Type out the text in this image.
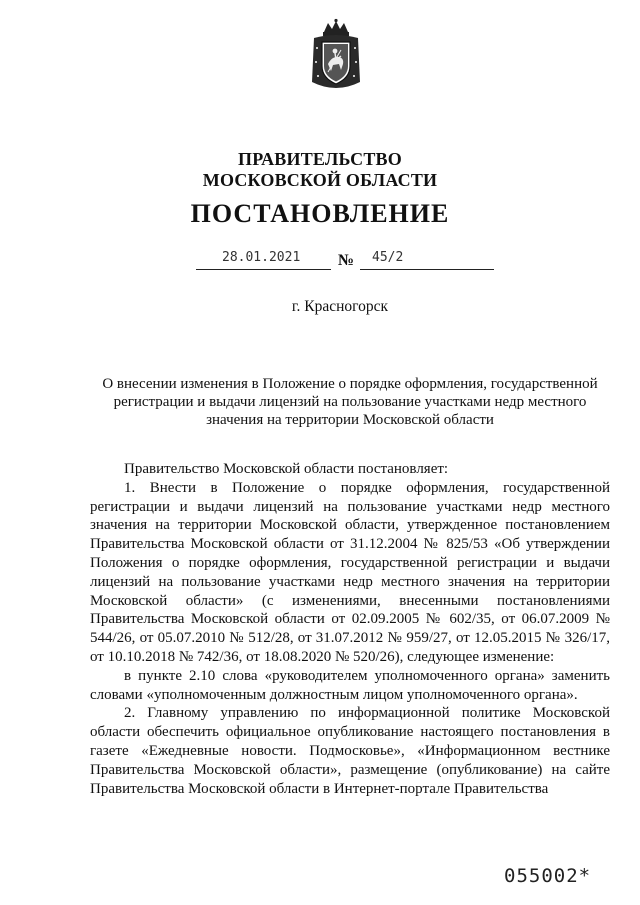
ПРАВИТЕЛЬСТВО
МОСКОВСКОЙ ОБЛАСТИ
ПОСТАНОВЛЕНИЕ
28.01.2021 № 45/2
г. Красногорск
О внесении изменения в Положение о порядке оформления, государственной
регистрации и выдачи лицензий на пользование участками недр местного
значения на территории Московской области

Правительство Московской области постановляет:

1. Внести в Положение о порядке оформления, государственной регистрации и выдачи лицензий на пользование участками недр местного значения на территории Московской области, утвержденное постановлением Правительства Московской области от 31.12.2004 № 825/53 «Об утверждении Положения о порядке оформления, государственной регистрации и выдачи лицензий на пользование участками недр местного значения на территории Московской области» (с изменениями, внесенными постановлениями Правительства Московской области от 02.09.2005 № 602/35, от 06.07.2009 № 544/26, от 05.07.2010 № 512/28, от 31.07.2012 № 959/27, от 12.05.2015 № 326/17, от 10.10.2018 № 742/36, от 18.08.2020 № 520/26), следующее изменение:

в пункте 2.10 слова «руководителем уполномоченного органа» заменить словами «уполномоченным должностным лицом уполномоченного органа».

2. Главному управлению по информационной политике Московской области обеспечить официальное опубликование настоящего постановления в газете «Ежедневные новости. Подмосковье», «Информационном вестнике Правительства Московской области», размещение (опубликование) на сайте Правительства Московской области в Интернет-портале Правительства

055002*
